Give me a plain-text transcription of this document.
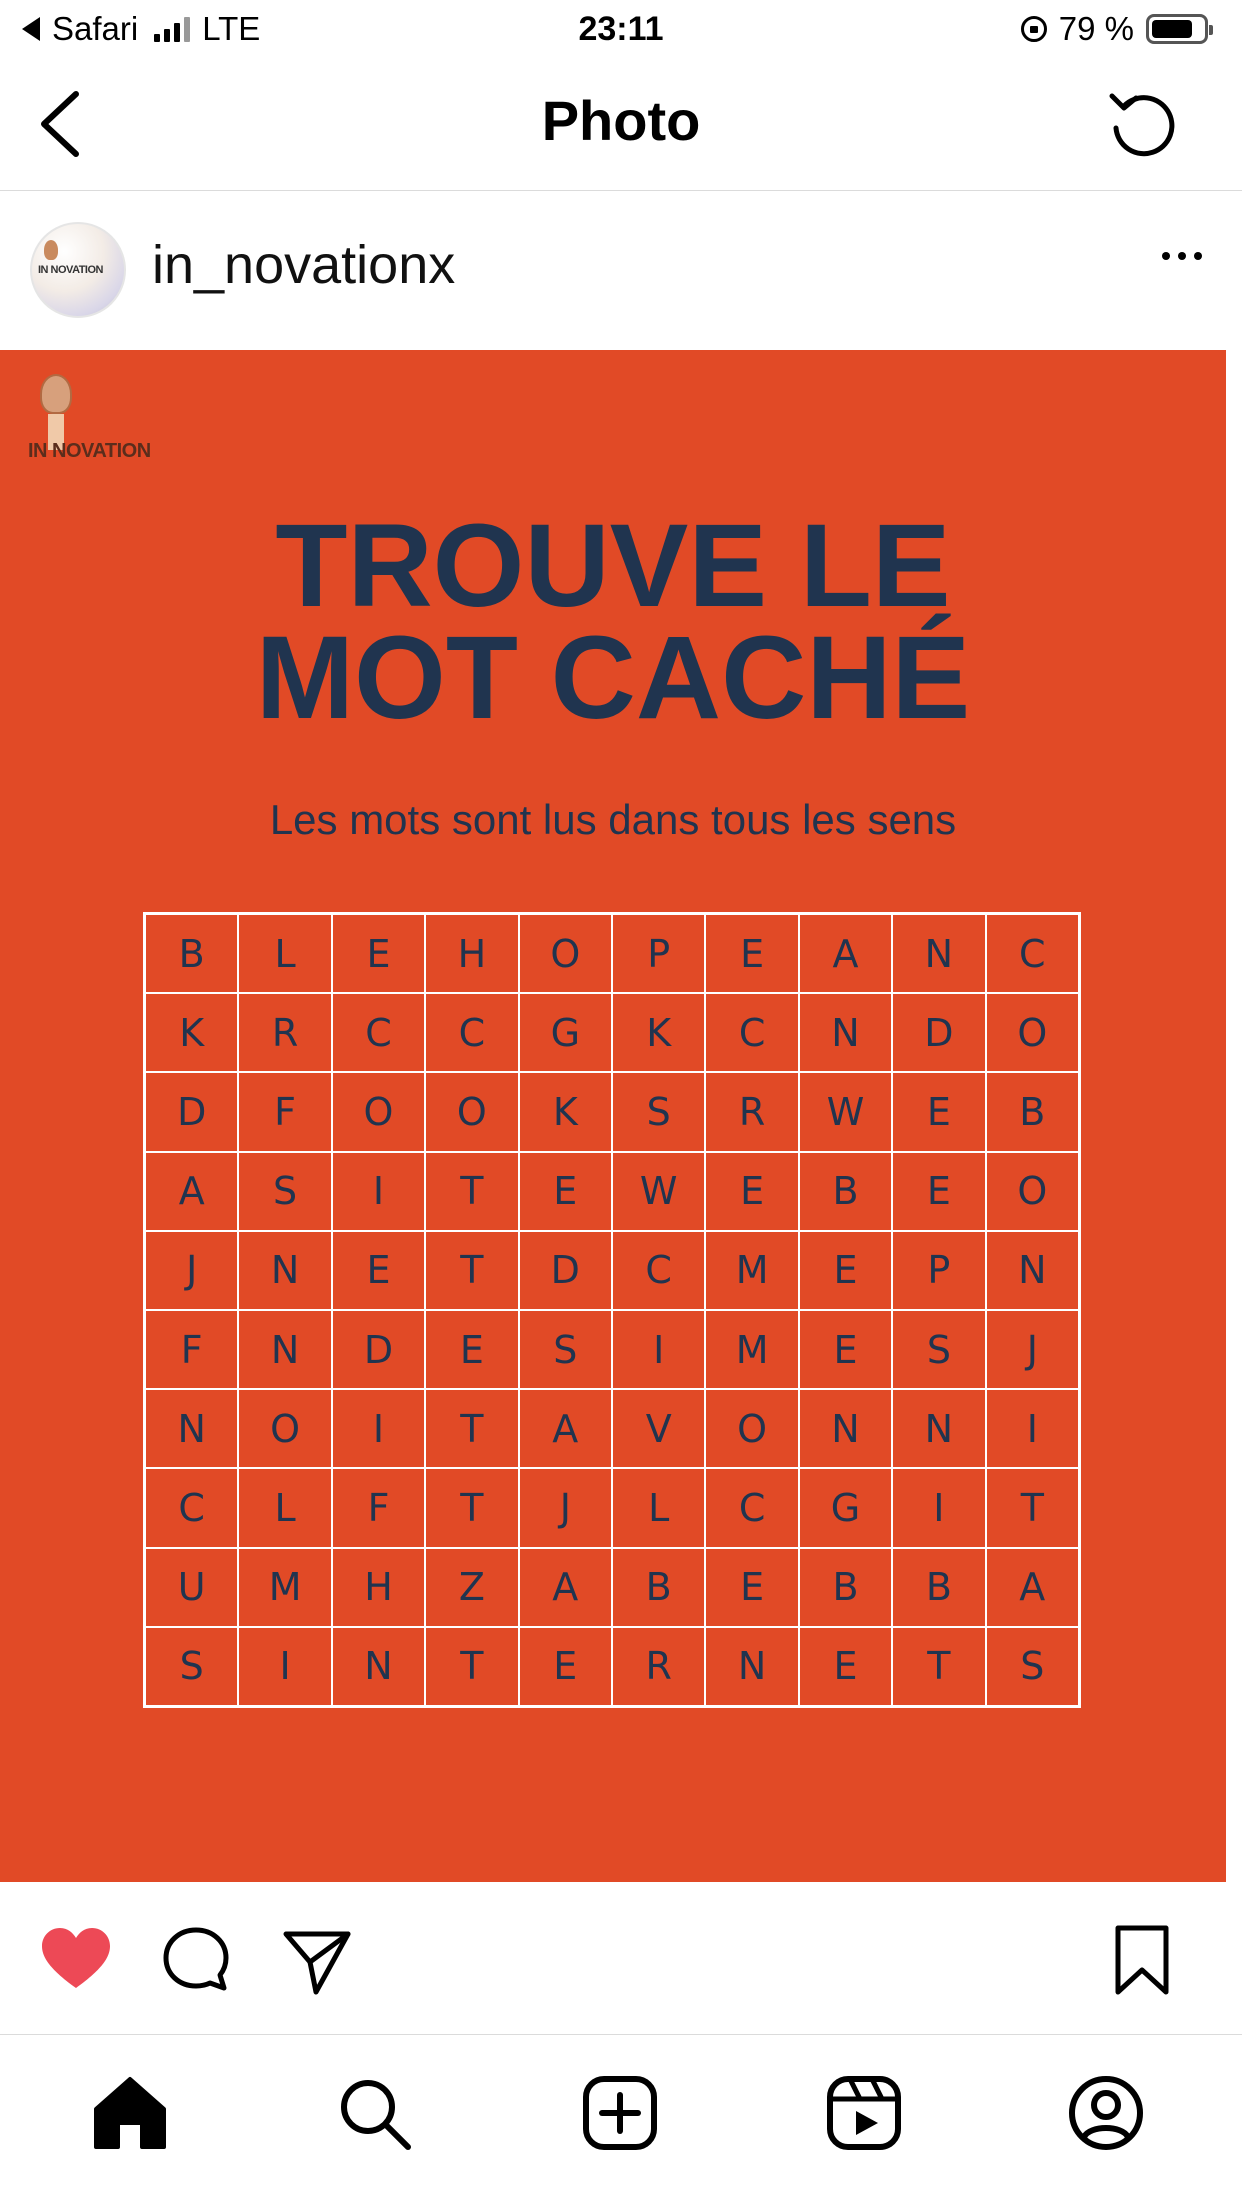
Safari LTE	23:11	79 %
Photo
IN NOVATION in_novationx
IN NOVATION
TROUVE LE
MOT CACHÉ
Les mots sont lus dans tous les sens
B	L	E	H	O	P	E	A	N	C
K	R	C	C	G	K	C	N	D	O
D	F	O	O	K	S	R	W	E	B
A	S	I	T	E	W	E	B	E	O
J	N	E	T	D	C	M	E	P	N
F	N	D	E	S	I	M	E	S	J
N	O	I	T	A	V	O	N	N	I
C	L	F	T	J	L	C	G	I	T
U	M	H	Z	A	B	E	B	B	A
S	I	N	T	E	R	N	E	T	S
